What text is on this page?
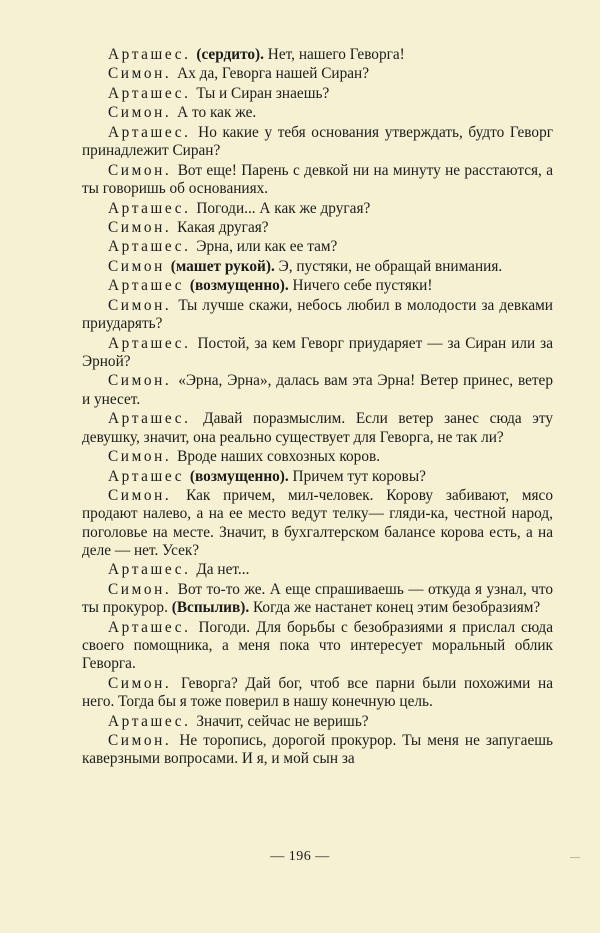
Арташес. (сердито). Нет, нашего Геворга!

Симон. Ах да, Геворга нашей Сиран?

Арташес. Ты и Сиран знаешь?

Симон. А то как же.

Арташес. Но какие у тебя основания утверждать, будто Геворг принадлежит Сиран?

Симон. Вот еще! Парень с девкой ни на минуту не расстаются, а ты говоришь об основаниях.

Арташес. Погоди... А как же другая?

Симон. Какая другая?

Арташес. Эрна, или как ее там?

Симон (машет рукой). Э, пустяки, не обращай внимания.

Арташес (возмущенно). Ничего себе пустяки!

Симон. Ты лучше скажи, небось любил в молодости за девками приударять?

Арташес. Постой, за кем Геворг приударяет — за Сиран или за Эрной?

Симон. «Эрна, Эрна», далась вам эта Эрна! Ветер принес, ветер и унесет.

Арташес. Давай поразмыслим. Если ветер занес сюда эту девушку, значит, она реально существует для Геворга, не так ли?

Симон. Вроде наших совхозных коров.

Арташес (возмущенно). Причем тут коровы?

Симон. Как причем, мил-человек. Корову забивают, мясо продают налево, а на ее место ведут телку— гляди-ка, честной народ, поголовье на месте. Значит, в бухгалтерском балансе корова есть, а на деле — нет. Усек?

Арташес. Да нет...

Симон. Вот то-то же. А еще спрашиваешь — откуда я узнал, что ты прокурор. (Вспылив). Когда же настанет конец этим безобразиям?

Арташес. Погоди. Для борьбы с безобразиями я прислал сюда своего помощника, а меня пока что интересует моральный облик Геворга.

Симон. Геворга? Дай бог, чтоб все парни были похожими на него. Тогда бы я тоже поверил в нашу конечную цель.

Арташес. Значит, сейчас не веришь?

Симон. Не торопись, дорогой прокурор. Ты меня не запугаешь каверзными вопросами. И я, и мой сын за

— 196 —
